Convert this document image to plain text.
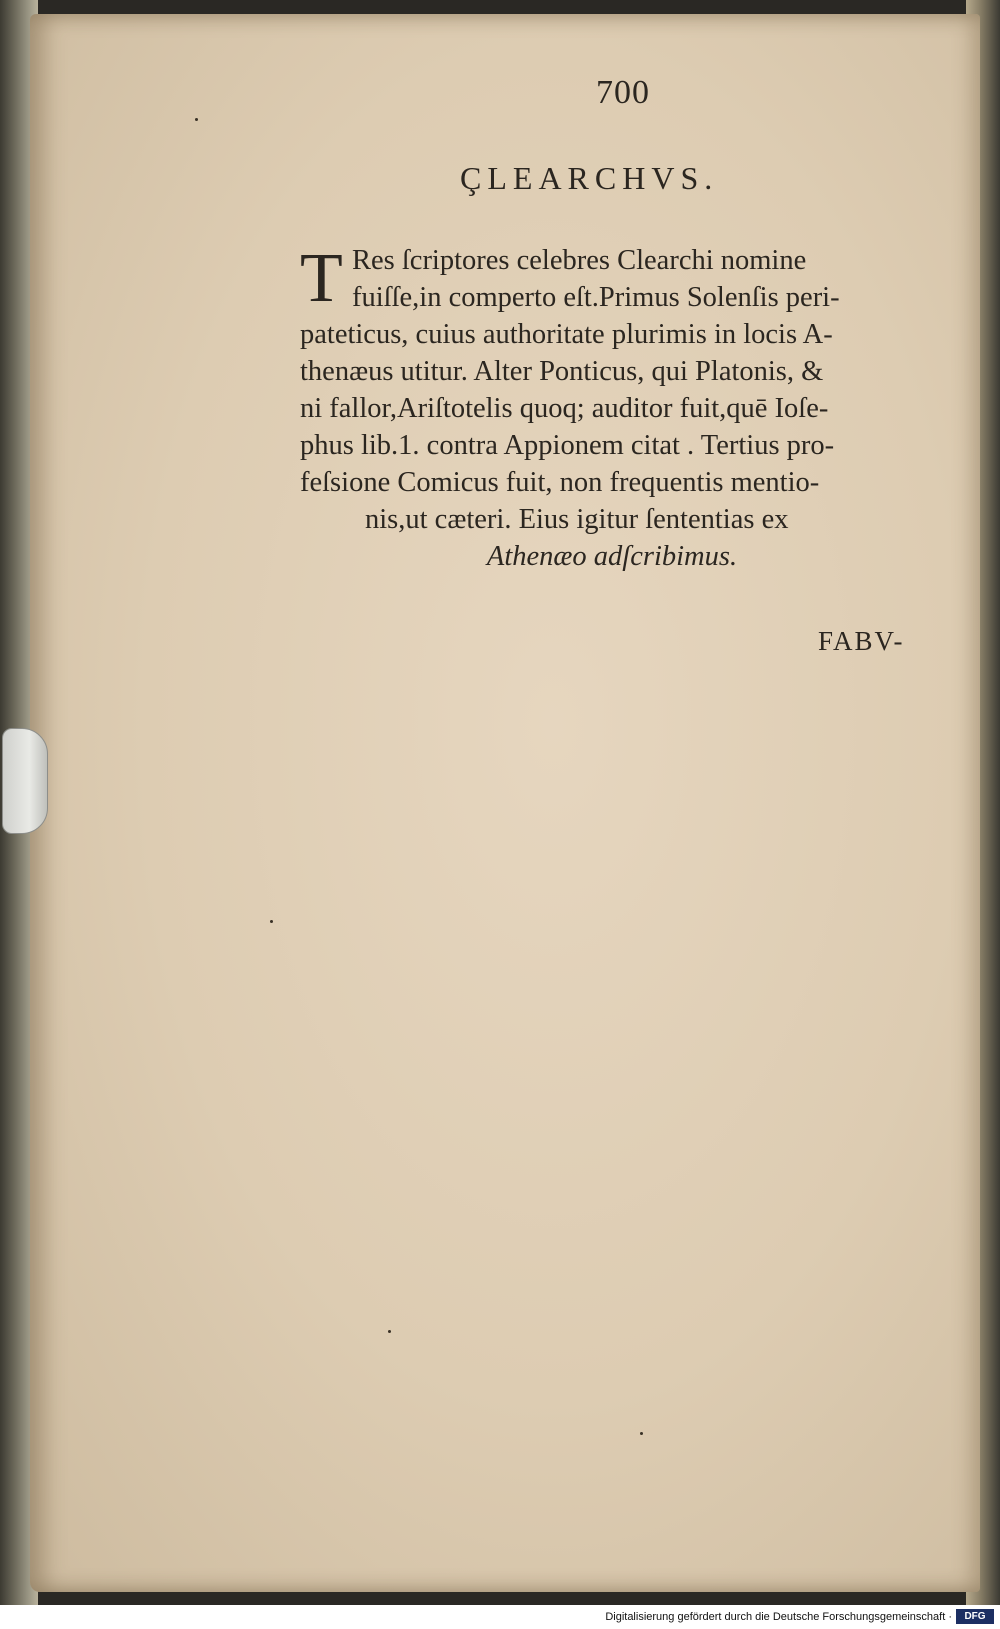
700
ÇLEARCHVS.
T Res ſcriptores celebres Clearchi nomine
fuiſſe,in comperto eſt.Primus Solenſis peri-
pateticus, cuius authoritate plurimis in locis A-
thenæus utitur. Alter Ponticus, qui Platonis, &
ni fallor,Ariſtotelis quoq; auditor fuit,quē Ioſe-
phus lib.1. contra Appionem citat . Tertius pro-
feſsione Comicus fuit, non frequentis mentio-
nis,ut cæteri. Eius igitur ſententias ex
Athenæo adſcribimus.
FABV-
Digitalisierung gefördert durch die Deutsche Forschungsgemeinschaft ·	DFG
